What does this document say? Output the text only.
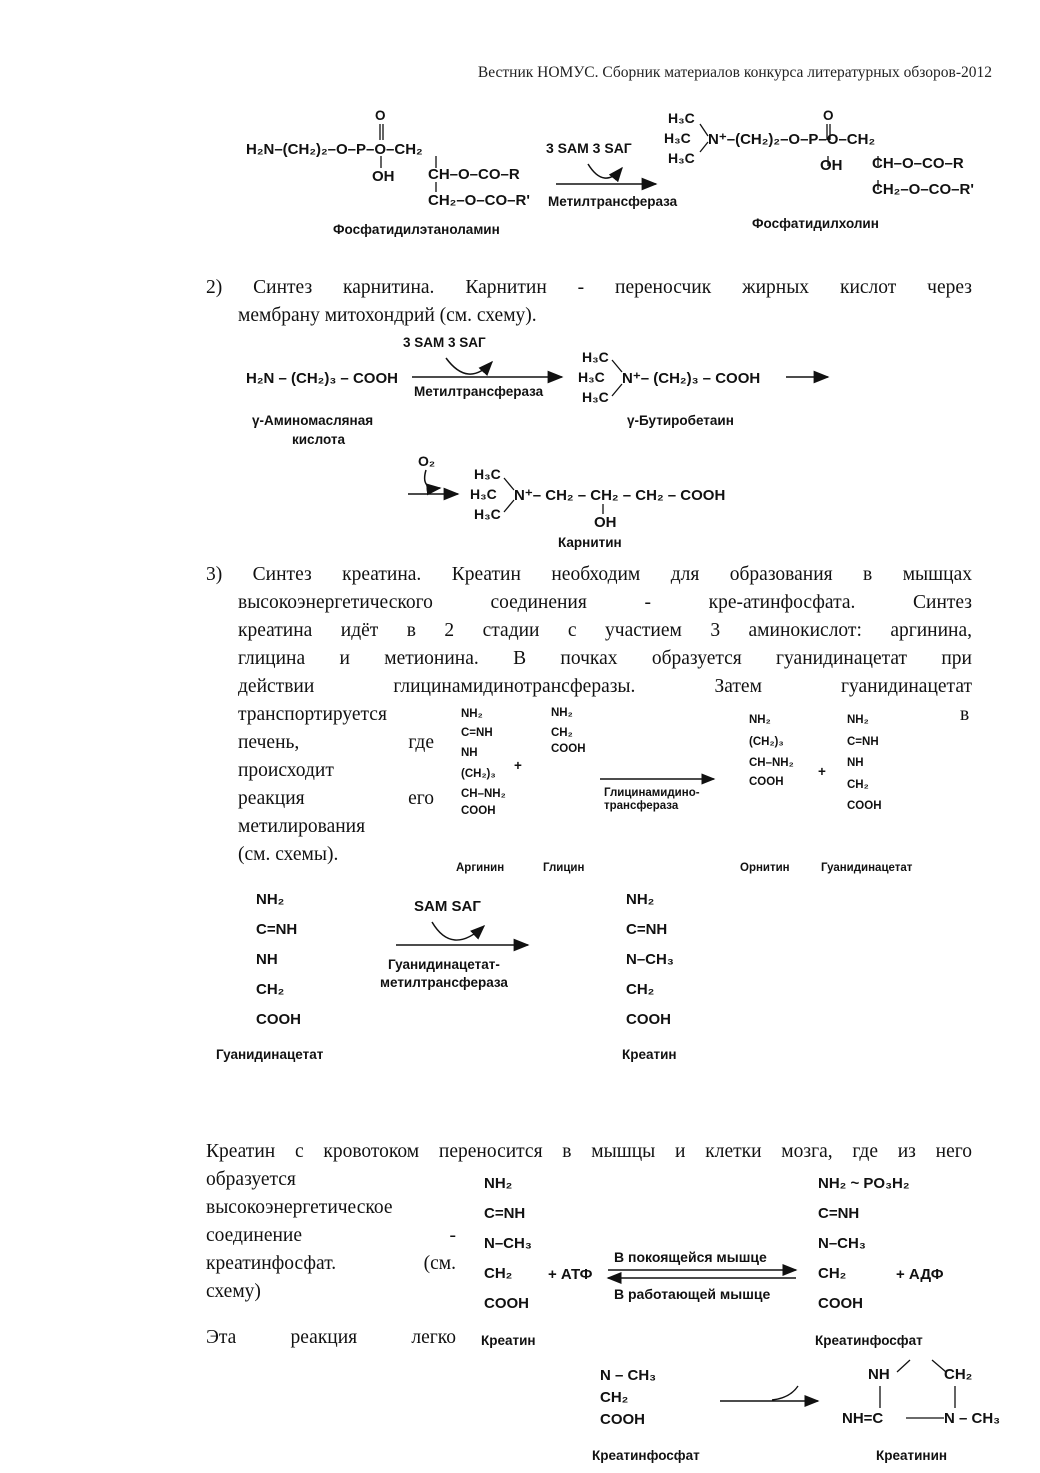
Вестник НОМУС. Сборник материалов конкурса литературных обзоров-2012
O
H₂N–(CH₂)₂–O–P–O–CH₂
OH CH–O–CO–R
CH₂–O–CO–R'
Фосфатидилэтаноламин
3 SAM 3 SAГ
Метилтрансфераза
O
H₃C
H₃C
H₃C
N⁺–(CH₂)₂–O–P–O–CH₂
OH CH–O–CO–R
CH₂–O–CO–R'
Фосфатидилхолин
2) Синтез карнитина. Карнитин - переносчик жирных кислот через
мембрану митохондрий (см. схему).
3 SAM 3 SAГ
H₂N – (CH₂)₃ – COOH
Метилтрансфераза
γ-Аминомасляная
кислота
H₃C
H₃C
H₃C
N⁺– (CH₂)₃ – COOH
γ-Бутиробетаин
O₂
H₃C
H₃C
H₃C
N⁺– CH₂ – CH₂ – CH₂ – COOH
OH
Карнитин
3) Синтез креатина. Креатин необходим для образования в мышцах
высокоэнергетического соединения - кре-атинфосфата. Синтез
креатина идёт в 2 стадии с участием 3 аминокислот: аргинина,
глицина и метионина. В почках образуется гуанидинацетат при
действии глицинамидинотрансферазы. Затем гуанидинацетат
транспортируется	в
печень, где
происходит
реакция его
метилирования
(см. схемы).
NH₂
C=NH
NH
(CH₂)₃
CH–NH₂
COOH
Аргинин
+
NH₂
CH₂
COOH
Глицин
Глицинамидино-
трансфераза
NH₂
(CH₂)₃
CH–NH₂
COOH
Орнитин
+
NH₂
C=NH
NH
CH₂
COOH
Гуанидинацетат
NH₂
C=NH
NH
CH₂
COOH
Гуанидинацетат
SAM SAГ
Гуанидинацетат-
метилтрансфераза
NH₂
C=NH
N–CH₃
CH₂
COOH
Креатин
Креатин с кровотоком переносится в мышцы и клетки мозга, где из него
образуется
высокоэнергетическое
соединение -
креатинфосфат. (см.
схему)
Эта реакция легко
NH₂
C=NH
N–CH₃
CH₂
COOH
Креатин
+ АТФ
В покоящейся мышце
В работающей мышце
NH₂ ~ PO₃H₂
C=NH
N–CH₃
CH₂
COOH
+ АДФ
Креатинфосфат
N – CH₃
CH₂
COOH
Креатинфосфат
NH	CH₂
NH=C	N – CH₃
Креатинин
